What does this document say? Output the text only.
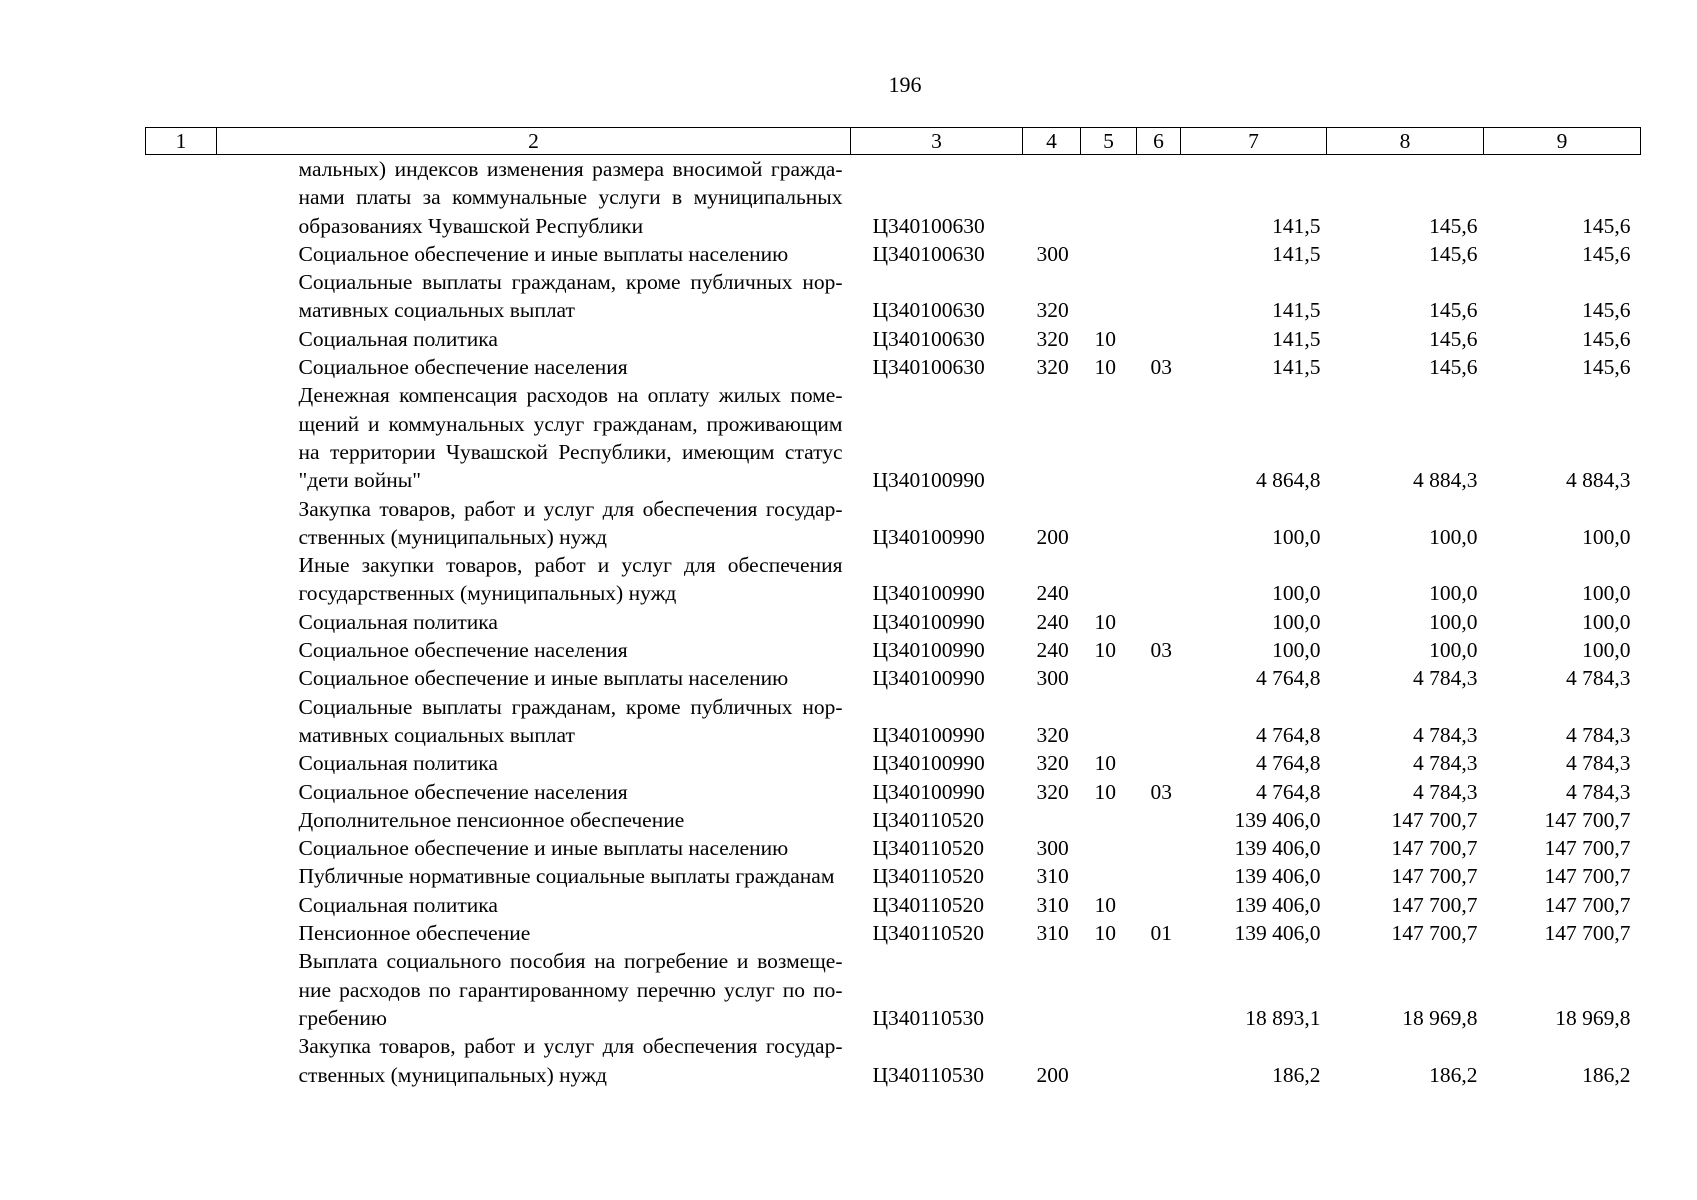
196
1	2	3	4	5	6	7	8	9

	мальных) индексов изменения размера вносимой гражда-
нами платы за коммунальные услуги в муниципальных
образованиях Чувашской Республики	Ц340100630				141,5	145,6	145,6

	Социальное обеспечение и иные выплаты населению	Ц340100630	300			141,5	145,6	145,6

	Социальные выплаты гражданам, кроме публичных нор-
мативных социальных выплат	Ц340100630	320			141,5	145,6	145,6

	Социальная политика	Ц340100630	320	10		141,5	145,6	145,6

	Социальное обеспечение населения	Ц340100630	320	10	03	141,5	145,6	145,6

	Денежная компенсация расходов на оплату жилых поме-
щений и коммунальных услуг гражданам, проживающим
на территории Чувашской Республики, имеющим статус
"дети войны"	Ц340100990				4 864,8	4 884,3	4 884,3

	Закупка товаров, работ и услуг для обеспечения государ-
ственных (муниципальных) нужд	Ц340100990	200			100,0	100,0	100,0

	Иные закупки товаров, работ и услуг для обеспечения
государственных (муниципальных) нужд	Ц340100990	240			100,0	100,0	100,0

	Социальная политика	Ц340100990	240	10		100,0	100,0	100,0

	Социальное обеспечение населения	Ц340100990	240	10	03	100,0	100,0	100,0

	Социальное обеспечение и иные выплаты населению	Ц340100990	300			4 764,8	4 784,3	4 784,3

	Социальные выплаты гражданам, кроме публичных нор-
мативных социальных выплат	Ц340100990	320			4 764,8	4 784,3	4 784,3

	Социальная политика	Ц340100990	320	10		4 764,8	4 784,3	4 784,3

	Социальное обеспечение населения	Ц340100990	320	10	03	4 764,8	4 784,3	4 784,3

	Дополнительное пенсионное обеспечение	Ц340110520				139 406,0	147 700,7	147 700,7

	Социальное обеспечение и иные выплаты населению	Ц340110520	300			139 406,0	147 700,7	147 700,7

	Публичные нормативные социальные выплаты гражданам	Ц340110520	310			139 406,0	147 700,7	147 700,7

	Социальная политика	Ц340110520	310	10		139 406,0	147 700,7	147 700,7

	Пенсионное обеспечение	Ц340110520	310	10	01	139 406,0	147 700,7	147 700,7

	Выплата социального пособия на погребение и возмеще-
ние расходов по гарантированному перечню услуг по по-
гребению	Ц340110530				18 893,1	18 969,8	18 969,8

	Закупка товаров, работ и услуг для обеспечения государ-
ственных (муниципальных) нужд	Ц340110530	200			186,2	186,2	186,2
